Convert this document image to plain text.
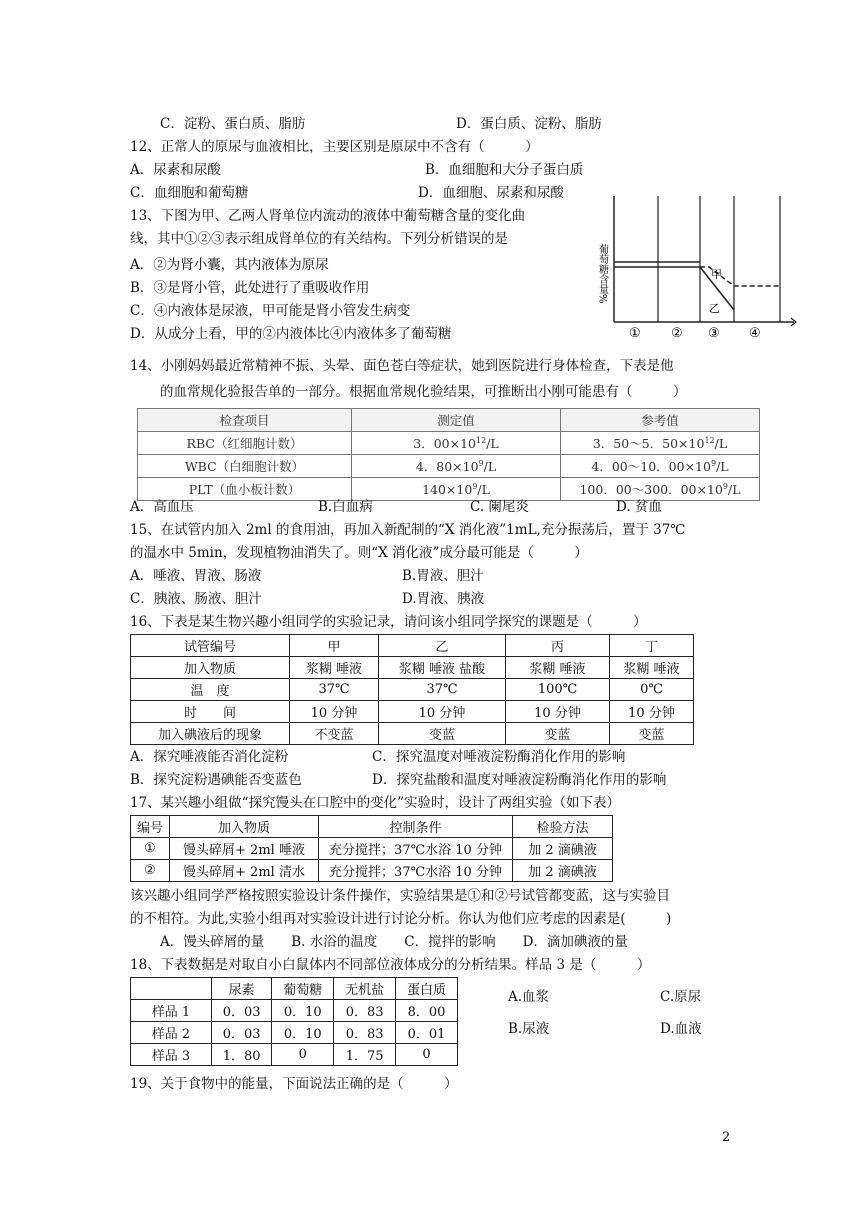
C．淀粉、蛋白质、脂肪	D．蛋白质、淀粉、脂肪
12、正常人的原尿与血液相比，主要区别是原尿中不含有（　　　）
A．尿素和尿酸	B．血细胞和大分子蛋白质
C．血细胞和葡萄糖	D．血细胞、尿素和尿酸
13、下图为甲、乙两人肾单位内流动的液体中葡萄糖含量的变化曲
线，其中①②③表示组成肾单位的有关结构。下列分析错误的是
A．②为肾小囊，其内液体为原尿
B．③是肾小管，此处进行了重吸收作用
C．④内液体是尿液，甲可能是肾小管发生病变
D．从成分上看，甲的②内液体比④内液体多了葡萄糖
葡萄糖含量%	甲
乙
① ② ③ ④
14、小刚妈妈最近常精神不振、头晕、面色苍白等症状，她到医院进行身体检查，下表是他
的血常规化验报告单的一部分。根据血常规化验结果，可推断出小刚可能患有（　　　）
检查项目	测定值	参考值
RBC（红细胞计数）	3．$00\times 10^{12}/L$	3．50～5．$50\times 10^{12}/L$
WBC（白细胞计数）	4．$80\times 10^9/L$	4．00～10．$00\times 10^9/L$
PLT（血小板计数）	$140\times 10^9/L$	100．00～300．$00\times 10^9/L$
A．高血压	B.白血病	C. 阑尾炎	D. 贫血
15、在试管内加入 2ml 的食用油，再加入新配制的“X 消化液”1mL,充分振荡后，置于 37℃
的温水中 5min，发现植物油消失了。则“X 消化液”成分最可能是（　　　）
A．唾液、胃液、肠液	B.胃液、胆汁
C．胰液、肠液、胆汁	D.胃液、胰液
16、下表是某生物兴趣小组同学的实验记录，请问该小组同学探究的课题是（　　　）
试管编号	甲	乙	丙	丁
加入物质	浆糊 唾液	浆糊 唾液 盐酸	浆糊 唾液	浆糊 唾液
温　度	37℃	37℃	100℃	0℃
时　　间	10 分钟	10 分钟	10 分钟	10 分钟
加入碘液后的现象	不变蓝	变蓝	变蓝	变蓝
A．探究唾液能否消化淀粉	C．探究温度对唾液淀粉酶消化作用的影响
B．探究淀粉遇碘能否变蓝色	D．探究盐酸和温度对唾液淀粉酶消化作用的影响
17、某兴趣小组做“探究馒头在口腔中的变化”实验时，设计了两组实验（如下表）
编号	加入物质	控制条件	检验方法
①	馒头碎屑+ 2ml 唾液	充分搅拌；37℃水浴 10 分钟	加 2 滴碘液
②	馒头碎屑+ 2ml 清水	充分搅拌；37℃水浴 10 分钟	加 2 滴碘液
该兴趣小组同学严格按照实验设计条件操作，实验结果是①和②号试管都变蓝，这与实验目
的不相符。为此,实验小组再对实验设计进行讨论分析。你认为他们应考虑的因素是(　　　)
A．馒头碎屑的量　　B. 水浴的温度　　C．搅拌的影响　　D．滴加碘液的量
18、下表数据是对取自小白鼠体内不同部位液体成分的分析结果。样品 3 是（　　　）
	尿素	葡萄糖	无机盐	蛋白质
样品 1	0．03	0．10	0．83	8．00
样品 2	0．03	0．10	0．83	0．01
样品 3	1．80	0	1．75	0
A.血浆	C.原尿
B.尿液	D.血液
19、关于食物中的能量，下面说法正确的是（　　　）
2
